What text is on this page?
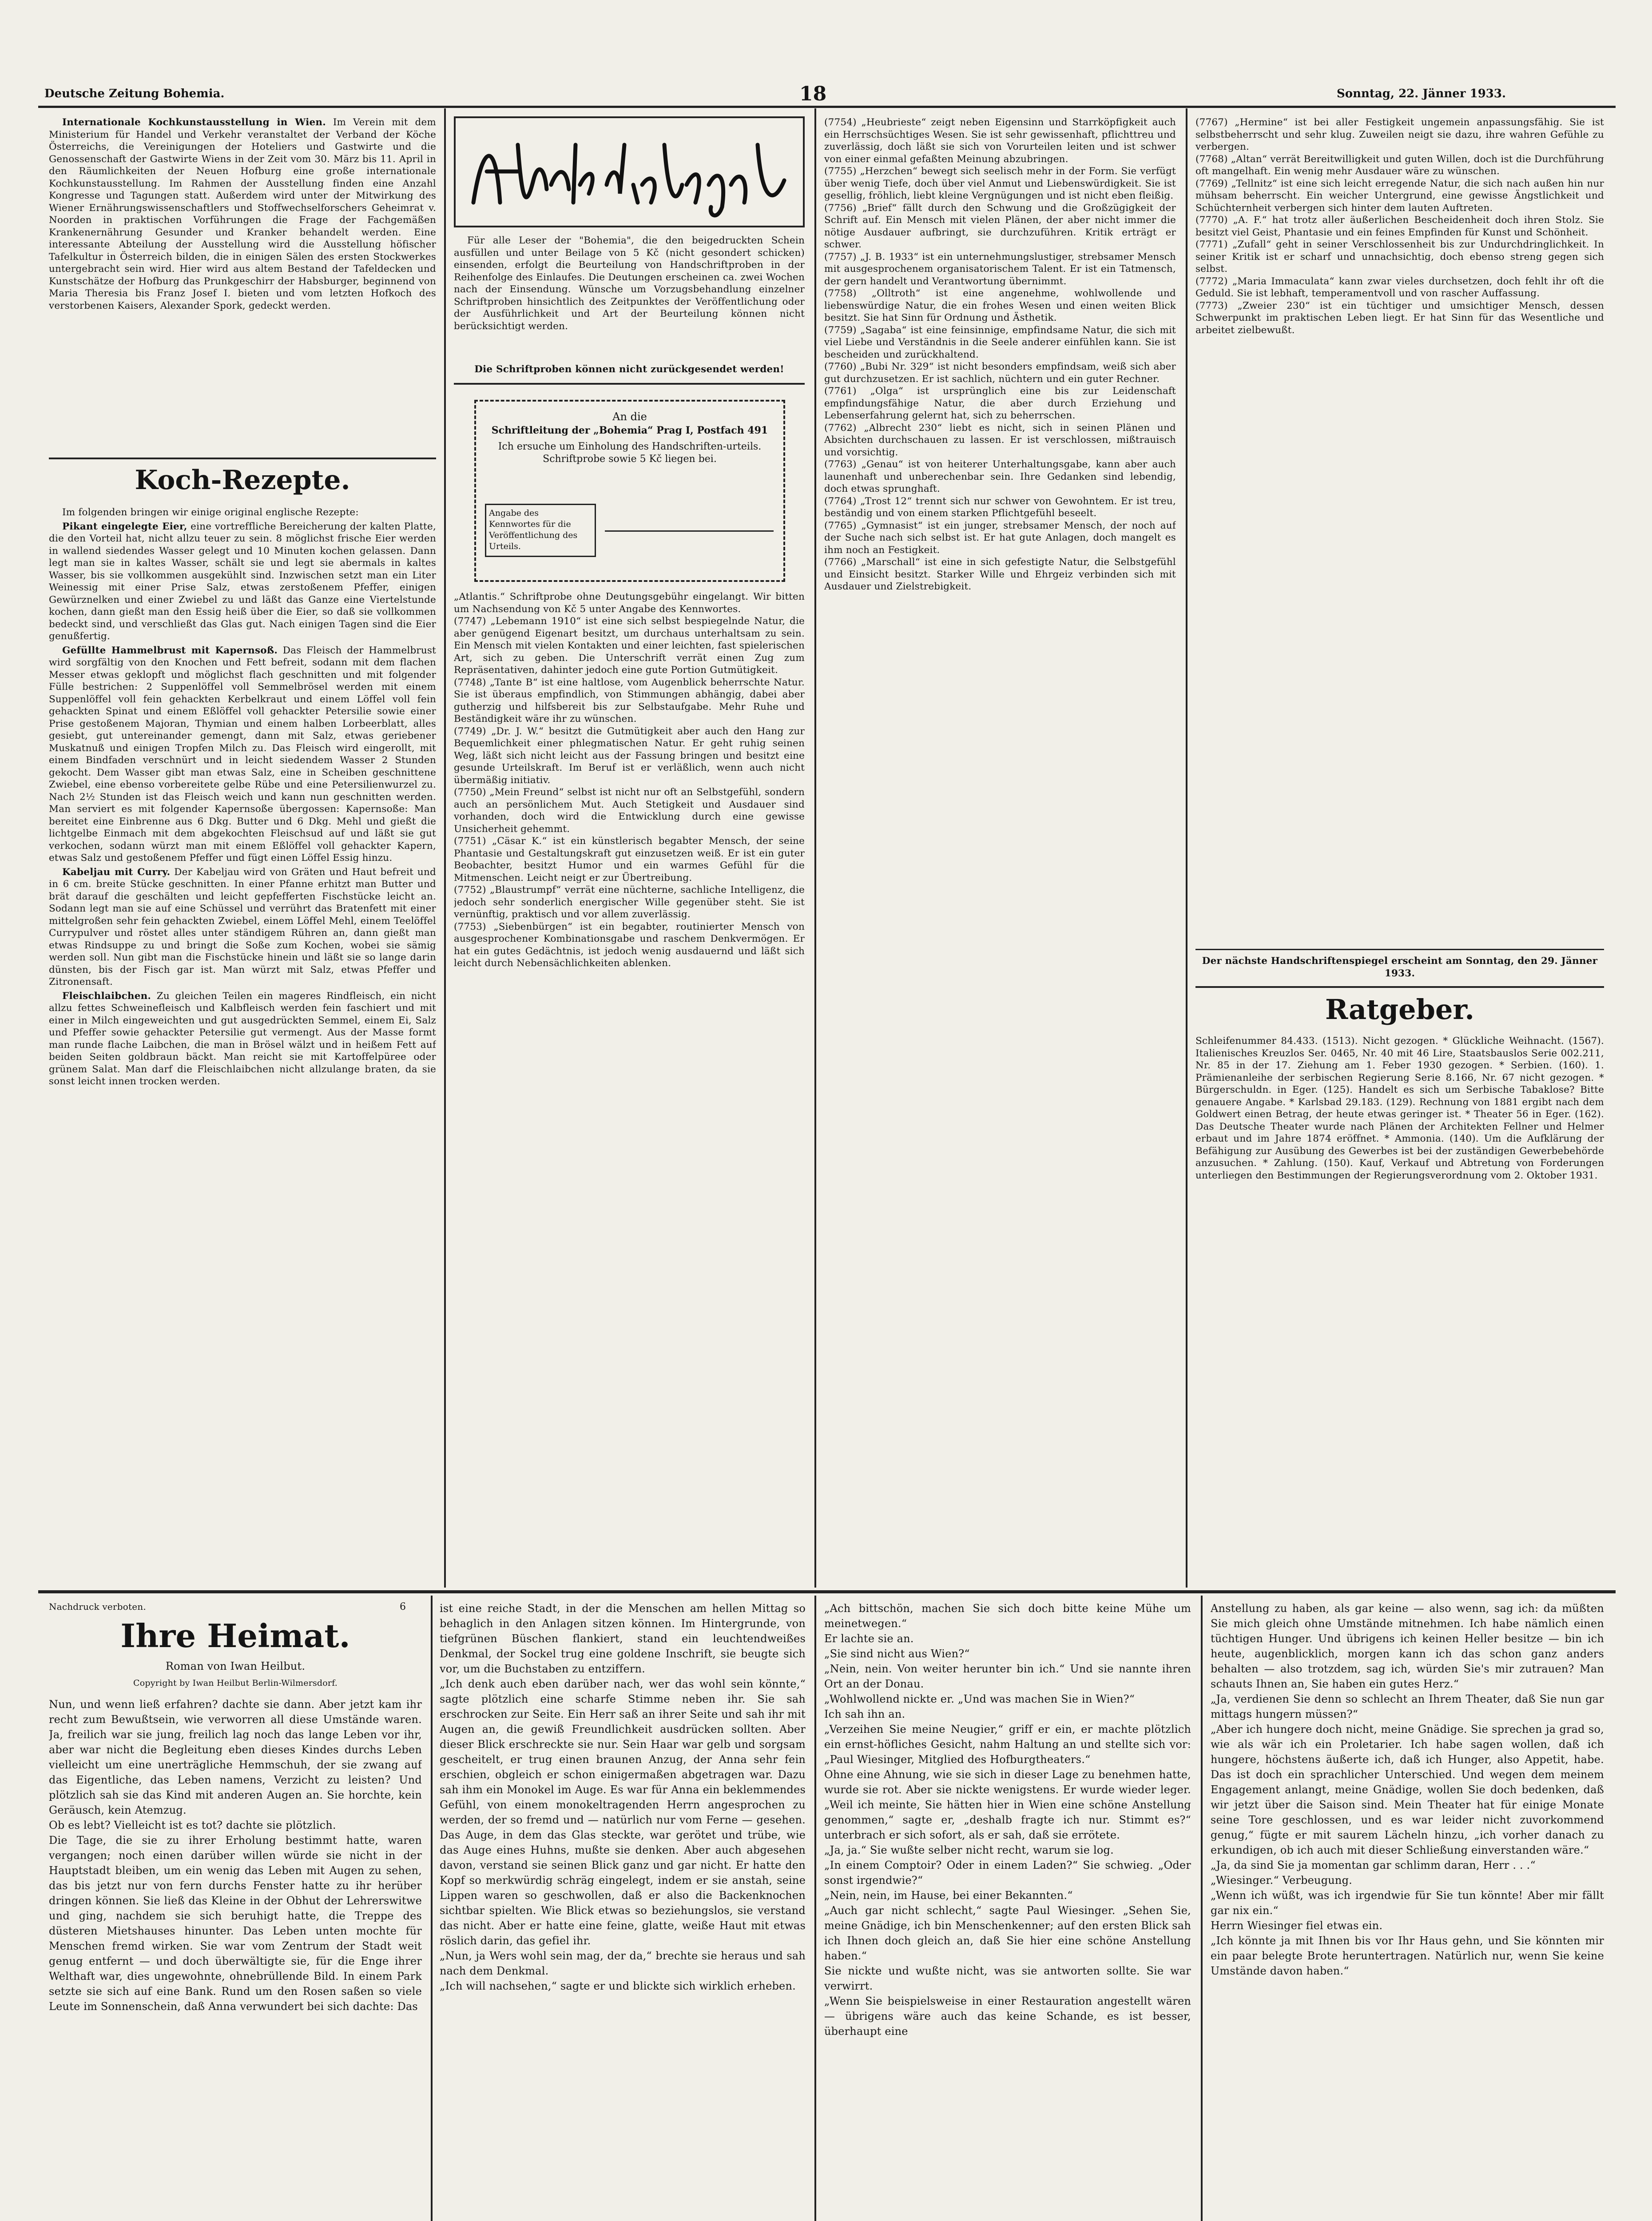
Deutsche Zeitung Bohemia.	18	Sonntag, 22. Jänner 1933.

Internationale Kochkunstausstellung in Wien. Im Verein mit dem Ministerium für Handel und Verkehr veranstaltet der Verband der Köche Österreichs, die Vereinigungen der Hoteliers und Gastwirte und die Genossenschaft der Gastwirte Wiens in der Zeit vom 30. März bis 11. April in den Räumlichkeiten der Neuen Hofburg eine große internationale Kochkunstausstellung. Im Rahmen der Ausstellung finden eine Anzahl Kongresse und Tagungen statt. Außerdem wird unter der Mitwirkung des Wiener Ernährungswissenschaftlers und Stoffwechselforschers Geheimrat v. Noorden in praktischen Vorführungen die Frage der Fachgemäßen Krankenernährung Gesunder und Kranker behandelt werden. Eine interessante Abteilung der Ausstellung wird die Ausstellung höfischer Tafelkultur in Österreich bilden, die in einigen Sälen des ersten Stockwerkes untergebracht sein wird. Hier wird aus altem Bestand der Tafeldecken und Kunstschätze der Hofburg das Prunkgeschirr der Habsburger, beginnend von Maria Theresia bis Franz Josef I. bieten und vom letzten Hofkoch des verstorbenen Kaisers, Alexander Spork, gedeckt werden.

Koch-Rezepte.

Im folgenden bringen wir einige original englische Rezepte:

Pikant eingelegte Eier, eine vortreffliche Bereicherung der kalten Platte, die den Vorteil hat, nicht allzu teuer zu sein. 8 möglichst frische Eier werden in wallend siedendes Wasser gelegt und 10 Minuten kochen gelassen. Dann legt man sie in kaltes Wasser, schält sie und legt sie abermals in kaltes Wasser, bis sie vollkommen ausgekühlt sind. Inzwischen setzt man ein Liter Weinessig mit einer Prise Salz, etwas zerstoßenem Pfeffer, einigen Gewürznelken und einer Zwiebel zu und läßt das Ganze eine Viertelstunde kochen, dann gießt man den Essig heiß über die Eier, so daß sie vollkommen bedeckt sind, und verschließt das Glas gut. Nach einigen Tagen sind die Eier genußfertig.

Gefüllte Hammelbrust mit Kapernsoß. Das Fleisch der Hammelbrust wird sorgfältig von den Knochen und Fett befreit, sodann mit dem flachen Messer etwas geklopft und möglichst flach geschnitten und mit folgender Fülle bestrichen: 2 Suppenlöffel voll Semmelbrösel werden mit einem Suppenlöffel voll fein gehackten Kerbelkraut und einem Löffel voll fein gehackten Spinat und einem Eßlöffel voll gehackter Petersilie sowie einer Prise gestoßenem Majoran, Thymian und einem halben Lorbeerblatt, alles gesiebt, gut untereinander gemengt, dann mit Salz, etwas geriebener Muskatnuß und einigen Tropfen Milch zu. Das Fleisch wird eingerollt, mit einem Bindfaden verschnürt und in leicht siedendem Wasser 2 Stunden gekocht. Dem Wasser gibt man etwas Salz, eine in Scheiben geschnittene Zwiebel, eine ebenso vorbereitete gelbe Rübe und eine Petersilienwurzel zu. Nach 2½ Stunden ist das Fleisch weich und kann nun geschnitten werden. Man serviert es mit folgender Kapernsoße übergossen: Kapernsoße: Man bereitet eine Einbrenne aus 6 Dkg. Butter und 6 Dkg. Mehl und gießt die lichtgelbe Einmach mit dem abgekochten Fleischsud auf und läßt sie gut verkochen, sodann würzt man mit einem Eßlöffel voll gehackter Kapern, etwas Salz und gestoßenem Pfeffer und fügt einen Löffel Essig hinzu.

Kabeljau mit Curry. Der Kabeljau wird von Gräten und Haut befreit und in 6 cm. breite Stücke geschnitten. In einer Pfanne erhitzt man Butter und brät darauf die geschälten und leicht gepfefferten Fischstücke leicht an. Sodann legt man sie auf eine Schüssel und verrührt das Bratenfett mit einer mittelgroßen sehr fein gehackten Zwiebel, einem Löffel Mehl, einem Teelöffel Currypulver und röstet alles unter ständigem Rühren an, dann gießt man etwas Rindsuppe zu und bringt die Soße zum Kochen, wobei sie sämig werden soll. Nun gibt man die Fischstücke hinein und läßt sie so lange darin dünsten, bis der Fisch gar ist. Man würzt mit Salz, etwas Pfeffer und Zitronensaft.

Fleischlaibchen. Zu gleichen Teilen ein mageres Rindfleisch, ein nicht allzu fettes Schweinefleisch und Kalbfleisch werden fein faschiert und mit einer in Milch eingeweichten und gut ausgedrückten Semmel, einem Ei, Salz und Pfeffer sowie gehackter Petersilie gut vermengt. Aus der Masse formt man runde flache Laibchen, die man in Brösel wälzt und in heißem Fett auf beiden Seiten goldbraun bäckt. Man reicht sie mit Kartoffelpüree oder grünem Salat. Man darf die Fleischlaibchen nicht allzulange braten, da sie sonst leicht innen trocken werden.

Für alle Leser der "Bohemia", die den beigedruckten Schein ausfüllen und unter Beilage von 5 Kč (nicht gesondert schicken) einsenden, erfolgt die Beurteilung von Handschriftproben in der Reihenfolge des Einlaufes. Die Deutungen erscheinen ca. zwei Wochen nach der Einsendung. Wünsche um Vorzugsbehandlung einzelner Schriftproben hinsichtlich des Zeitpunktes der Veröffentlichung oder der Ausführlichkeit und Art der Beurteilung können nicht berücksichtigt werden.

Die Schriftproben können nicht zurückgesendet werden!
An die
Schriftleitung der „Bohemia“ Prag I, Postfach 491
Ich ersuche um Einholung des Handschriften-urteils. Schriftprobe sowie 5 Kč liegen bei.
Angabe des Kennwortes für die Veröffentlichung des Urteils.
„Atlantis.“ Schriftprobe ohne Deutungsgebühr eingelangt. Wir bitten um Nachsendung von Kč 5 unter Angabe des Kennwortes.
(7747) „Lebemann 1910“ ist eine sich selbst bespiegelnde Natur, die aber genügend Eigenart besitzt, um durchaus unterhaltsam zu sein. Ein Mensch mit vielen Kontakten und einer leichten, fast spielerischen Art, sich zu geben. Die Unterschrift verrät einen Zug zum Repräsentativen, dahinter jedoch eine gute Portion Gutmütigkeit.
(7748) „Tante B“ ist eine haltlose, vom Augenblick beherrschte Natur. Sie ist überaus empfindlich, von Stimmungen abhängig, dabei aber gutherzig und hilfsbereit bis zur Selbstaufgabe. Mehr Ruhe und Beständigkeit wäre ihr zu wünschen.
(7749) „Dr. J. W.“ besitzt die Gutmütigkeit aber auch den Hang zur Bequemlichkeit einer phlegmatischen Natur. Er geht ruhig seinen Weg, läßt sich nicht leicht aus der Fassung bringen und besitzt eine gesunde Urteilskraft. Im Beruf ist er verläßlich, wenn auch nicht übermäßig initiativ.
(7750) „Mein Freund“ selbst ist nicht nur oft an Selbstgefühl, sondern auch an persönlichem Mut. Auch Stetigkeit und Ausdauer sind vorhanden, doch wird die Entwicklung durch eine gewisse Unsicherheit gehemmt.
(7751) „Cäsar K.“ ist ein künstlerisch begabter Mensch, der seine Phantasie und Gestaltungskraft gut einzusetzen weiß. Er ist ein guter Beobachter, besitzt Humor und ein warmes Gefühl für die Mitmenschen. Leicht neigt er zur Übertreibung.
(7752) „Blaustrumpf“ verrät eine nüchterne, sachliche Intelligenz, die jedoch sehr sonderlich energischer Wille gegenüber steht. Sie ist vernünftig, praktisch und vor allem zuverlässig.
(7753) „Siebenbürgen“ ist ein begabter, routinierter Mensch von ausgesprochener Kombinationsgabe und raschem Denkvermögen. Er hat ein gutes Gedächtnis, ist jedoch wenig ausdauernd und läßt sich leicht durch Nebensächlichkeiten ablenken.
(7754) „Heubrieste“ zeigt neben Eigensinn und Starrköpfigkeit auch ein Herrschsüchtiges Wesen. Sie ist sehr gewissenhaft, pflichttreu und zuverlässig, doch läßt sie sich von Vorurteilen leiten und ist schwer von einer einmal gefaßten Meinung abzubringen.
(7755) „Herzchen“ bewegt sich seelisch mehr in der Form. Sie verfügt über wenig Tiefe, doch über viel Anmut und Liebenswürdigkeit. Sie ist gesellig, fröhlich, liebt kleine Vergnügungen und ist nicht eben fleißig.
(7756) „Brief“ fällt durch den Schwung und die Großzügigkeit der Schrift auf. Ein Mensch mit vielen Plänen, der aber nicht immer die nötige Ausdauer aufbringt, sie durchzuführen. Kritik erträgt er schwer.
(7757) „J. B. 1933“ ist ein unternehmungslustiger, strebsamer Mensch mit ausgesprochenem organisatorischem Talent. Er ist ein Tatmensch, der gern handelt und Verantwortung übernimmt.
(7758) „Olltroth“ ist eine angenehme, wohlwollende und liebenswürdige Natur, die ein frohes Wesen und einen weiten Blick besitzt. Sie hat Sinn für Ordnung und Ästhetik.
(7759) „Sagaba“ ist eine feinsinnige, empfindsame Natur, die sich mit viel Liebe und Verständnis in die Seele anderer einfühlen kann. Sie ist bescheiden und zurückhaltend.
(7760) „Bubi Nr. 329“ ist nicht besonders empfindsam, weiß sich aber gut durchzusetzen. Er ist sachlich, nüchtern und ein guter Rechner.
(7761) „Olga“ ist ursprünglich eine bis zur Leidenschaft empfindungsfähige Natur, die aber durch Erziehung und Lebenserfahrung gelernt hat, sich zu beherrschen.
(7762) „Albrecht 230“ liebt es nicht, sich in seinen Plänen und Absichten durchschauen zu lassen. Er ist verschlossen, mißtrauisch und vorsichtig.
(7763) „Genau“ ist von heiterer Unterhaltungsgabe, kann aber auch launenhaft und unberechenbar sein. Ihre Gedanken sind lebendig, doch etwas sprunghaft.
(7764) „Trost 12“ trennt sich nur schwer von Gewohntem. Er ist treu, beständig und von einem starken Pflichtgefühl beseelt.
(7765) „Gymnasist“ ist ein junger, strebsamer Mensch, der noch auf der Suche nach sich selbst ist. Er hat gute Anlagen, doch mangelt es ihm noch an Festigkeit.
(7766) „Marschall“ ist eine in sich gefestigte Natur, die Selbstgefühl und Einsicht besitzt. Starker Wille und Ehrgeiz verbinden sich mit Ausdauer und Zielstrebigkeit.
(7767) „Hermine“ ist bei aller Festigkeit ungemein anpassungsfähig. Sie ist selbstbeherrscht und sehr klug. Zuweilen neigt sie dazu, ihre wahren Gefühle zu verbergen.
(7768) „Altan“ verrät Bereitwilligkeit und guten Willen, doch ist die Durchführung oft mangelhaft. Ein wenig mehr Ausdauer wäre zu wünschen.
(7769) „Tellnitz“ ist eine sich leicht erregende Natur, die sich nach außen hin nur mühsam beherrscht. Ein weicher Untergrund, eine gewisse Ängstlichkeit und Schüchternheit verbergen sich hinter dem lauten Auftreten.
(7770) „A. F.“ hat trotz aller äußerlichen Bescheidenheit doch ihren Stolz. Sie besitzt viel Geist, Phantasie und ein feines Empfinden für Kunst und Schönheit.
(7771) „Zufall“ geht in seiner Verschlossenheit bis zur Undurchdringlichkeit. In seiner Kritik ist er scharf und unnachsichtig, doch ebenso streng gegen sich selbst.
(7772) „Maria Immaculata“ kann zwar vieles durchsetzen, doch fehlt ihr oft die Geduld. Sie ist lebhaft, temperamentvoll und von rascher Auffassung.
(7773) „Zweier 230“ ist ein tüchtiger und umsichtiger Mensch, dessen Schwerpunkt im praktischen Leben liegt. Er hat Sinn für das Wesentliche und arbeitet zielbewußt.
Der nächste Handschriftenspiegel erscheint am Sonntag, den 29. Jänner 1933.
Ratgeber.
Schleifenummer 84.433. (1513). Nicht gezogen. * Glückliche Weihnacht. (1567). Italienisches Kreuzlos Ser. 0465, Nr. 40 mit 46 Lire, Staatsbauslos Serie 002.211, Nr. 85 in der 17. Ziehung am 1. Feber 1930 gezogen. * Serbien. (160). 1. Prämienanleihe der serbischen Regierung Serie 8.166, Nr. 67 nicht gezogen. * Bürgerschuldn. in Eger. (125). Handelt es sich um Serbische Tabaklose? Bitte genauere Angabe. * Karlsbad 29.183. (129). Rechnung von 1881 ergibt nach dem Goldwert einen Betrag, der heute etwas geringer ist. * Theater 56 in Eger. (162). Das Deutsche Theater wurde nach Plänen der Architekten Fellner und Helmer erbaut und im Jahre 1874 eröffnet. * Ammonia. (140). Um die Aufklärung der Befähigung zur Ausübung des Gewerbes ist bei der zuständigen Gewerbebehörde anzusuchen. * Zahlung. (150). Kauf, Verkauf und Abtretung von Forderungen unterliegen den Bestimmungen der Regierungsverordnung vom 2. Oktober 1931.
Nachdruck verboten.	6
Ihre Heimat.
Roman von Iwan Heilbut.
Copyright by Iwan Heilbut Berlin-Wilmersdorf.
Nun, und wenn ließ erfahren? dachte sie dann. Aber jetzt kam ihr recht zum Bewußtsein, wie verworren all diese Umstände waren. Ja, freilich war sie jung, freilich lag noch das lange Leben vor ihr, aber war nicht die Begleitung eben dieses Kindes durchs Leben vielleicht um eine unerträgliche Hemmschuh, der sie zwang auf das Eigentliche, das Leben namens, Verzicht zu leisten? Und plötzlich sah sie das Kind mit anderen Augen an. Sie horchte, kein Geräusch, kein Atemzug.
Ob es lebt? Vielleicht ist es tot? dachte sie plötzlich.
Die Tage, die sie zu ihrer Erholung bestimmt hatte, waren vergangen; noch einen darüber willen würde sie nicht in der Hauptstadt bleiben, um ein wenig das Leben mit Augen zu sehen, das bis jetzt nur von fern durchs Fenster hatte zu ihr herüber dringen können. Sie ließ das Kleine in der Obhut der Lehrerswitwe und ging, nachdem sie sich beruhigt hatte, die Treppe des düsteren Mietshauses hinunter. Das Leben unten mochte für Menschen fremd wirken. Sie war vom Zentrum der Stadt weit genug entfernt — und doch überwältigte sie, für die Enge ihrer Welthaft war, dies ungewohnte, ohnebrüllende Bild. In einem Park setzte sie sich auf eine Bank. Rund um den Rosen saßen so viele Leute im Sonnenschein, daß Anna verwundert bei sich dachte: Das
ist eine reiche Stadt, in der die Menschen am hellen Mittag so behaglich in den Anlagen sitzen können. Im Hintergrunde, von tiefgrünen Büschen flankiert, stand ein leuchtendweißes Denkmal, der Sockel trug eine goldene Inschrift, sie beugte sich vor, um die Buchstaben zu entziffern.
„Ich denk auch eben darüber nach, wer das wohl sein könnte,“ sagte plötzlich eine scharfe Stimme neben ihr. Sie sah erschrocken zur Seite. Ein Herr saß an ihrer Seite und sah ihr mit Augen an, die gewiß Freundlichkeit ausdrücken sollten. Aber dieser Blick erschreckte sie nur. Sein Haar war gelb und sorgsam gescheitelt, er trug einen braunen Anzug, der Anna sehr fein erschien, obgleich er schon einigermaßen abgetragen war. Dazu sah ihm ein Monokel im Auge. Es war für Anna ein beklemmendes Gefühl, von einem monokeltragenden Herrn angesprochen zu werden, der so fremd und — natürlich nur vom Ferne — gesehen. Das Auge, in dem das Glas steckte, war gerötet und trübe, wie das Auge eines Huhns, mußte sie denken. Aber auch abgesehen davon, verstand sie seinen Blick ganz und gar nicht. Er hatte den Kopf so merkwürdig schräg eingelegt, indem er sie anstah, seine Lippen waren so geschwollen, daß er also die Backenknochen sichtbar spielten. Wie Blick etwas so beziehungslos, sie verstand das nicht. Aber er hatte eine feine, glatte, weiße Haut mit etwas röslich darin, das gefiel ihr.
„Nun, ja Wers wohl sein mag, der da,“ brechte sie heraus und sah nach dem Denkmal.
„Ich will nachsehen,“ sagte er und blickte sich wirklich erheben.
„Ach bittschön, machen Sie sich doch bitte keine Mühe um meinetwegen.“
Er lachte sie an.
„Sie sind nicht aus Wien?“
„Nein, nein. Von weiter herunter bin ich.“ Und sie nannte ihren Ort an der Donau.
„Wohlwollend nickte er. „Und was machen Sie in Wien?“
Ich sah ihn an.
„Verzeihen Sie meine Neugier,“ griff er ein, er machte plötzlich ein ernst-höfliches Gesicht, nahm Haltung an und stellte sich vor: „Paul Wiesinger, Mitglied des Hofburgtheaters.“
Ohne eine Ahnung, wie sie sich in dieser Lage zu benehmen hatte, wurde sie rot. Aber sie nickte wenigstens. Er wurde wieder leger. „Weil ich meinte, Sie hätten hier in Wien eine schöne Anstellung genommen,“ sagte er, „deshalb fragte ich nur. Stimmt es?“ unterbrach er sich sofort, als er sah, daß sie errötete.
„Ja, ja.“ Sie wußte selber nicht recht, warum sie log.
„In einem Comptoir? Oder in einem Laden?“ Sie schwieg. „Oder sonst irgendwie?“
„Nein, nein, im Hause, bei einer Bekannten.“
„Auch gar nicht schlecht,“ sagte Paul Wiesinger. „Sehen Sie, meine Gnädige, ich bin Menschenkenner; auf den ersten Blick sah ich Ihnen doch gleich an, daß Sie hier eine schöne Anstellung haben.“
Sie nickte und wußte nicht, was sie antworten sollte. Sie war verwirrt.
„Wenn Sie beispielsweise in einer Restauration angestellt wären — übrigens wäre auch das keine Schande, es ist besser, überhaupt eine
Anstellung zu haben, als gar keine — also wenn, sag ich: da müßten Sie mich gleich ohne Umstände mitnehmen. Ich habe nämlich einen tüchtigen Hunger. Und übrigens ich keinen Heller besitze — bin ich heute, augenblicklich, morgen kann ich das schon ganz anders behalten — also trotzdem, sag ich, würden Sie's mir zutrauen? Man schauts Ihnen an, Sie haben ein gutes Herz.“
„Ja, verdienen Sie denn so schlecht an Ihrem Theater, daß Sie nun gar mittags hungern müssen?“
„Aber ich hungere doch nicht, meine Gnädige. Sie sprechen ja grad so, wie als wär ich ein Proletarier. Ich habe sagen wollen, daß ich hungere, höchstens äußerte ich, daß ich Hunger, also Appetit, habe. Das ist doch ein sprachlicher Unterschied. Und wegen dem meinem Engagement anlangt, meine Gnädige, wollen Sie doch bedenken, daß wir jetzt über die Saison sind. Mein Theater hat für einige Monate seine Tore geschlossen, und es war leider nicht zuvorkommend genug,“ fügte er mit saurem Lächeln hinzu, „ich vorher danach zu erkundigen, ob ich auch mit dieser Schließung einverstanden wäre.“
„Ja, da sind Sie ja momentan gar schlimm daran, Herr . . .“
„Wiesinger.“ Verbeugung.
„Wenn ich wüßt, was ich irgendwie für Sie tun könnte! Aber mir fällt gar nix ein.“
Herrn Wiesinger fiel etwas ein.
„Ich könnte ja mit Ihnen bis vor Ihr Haus gehn, und Sie könnten mir ein paar belegte Brote heruntertragen. Natürlich nur, wenn Sie keine Umstände davon haben.“
